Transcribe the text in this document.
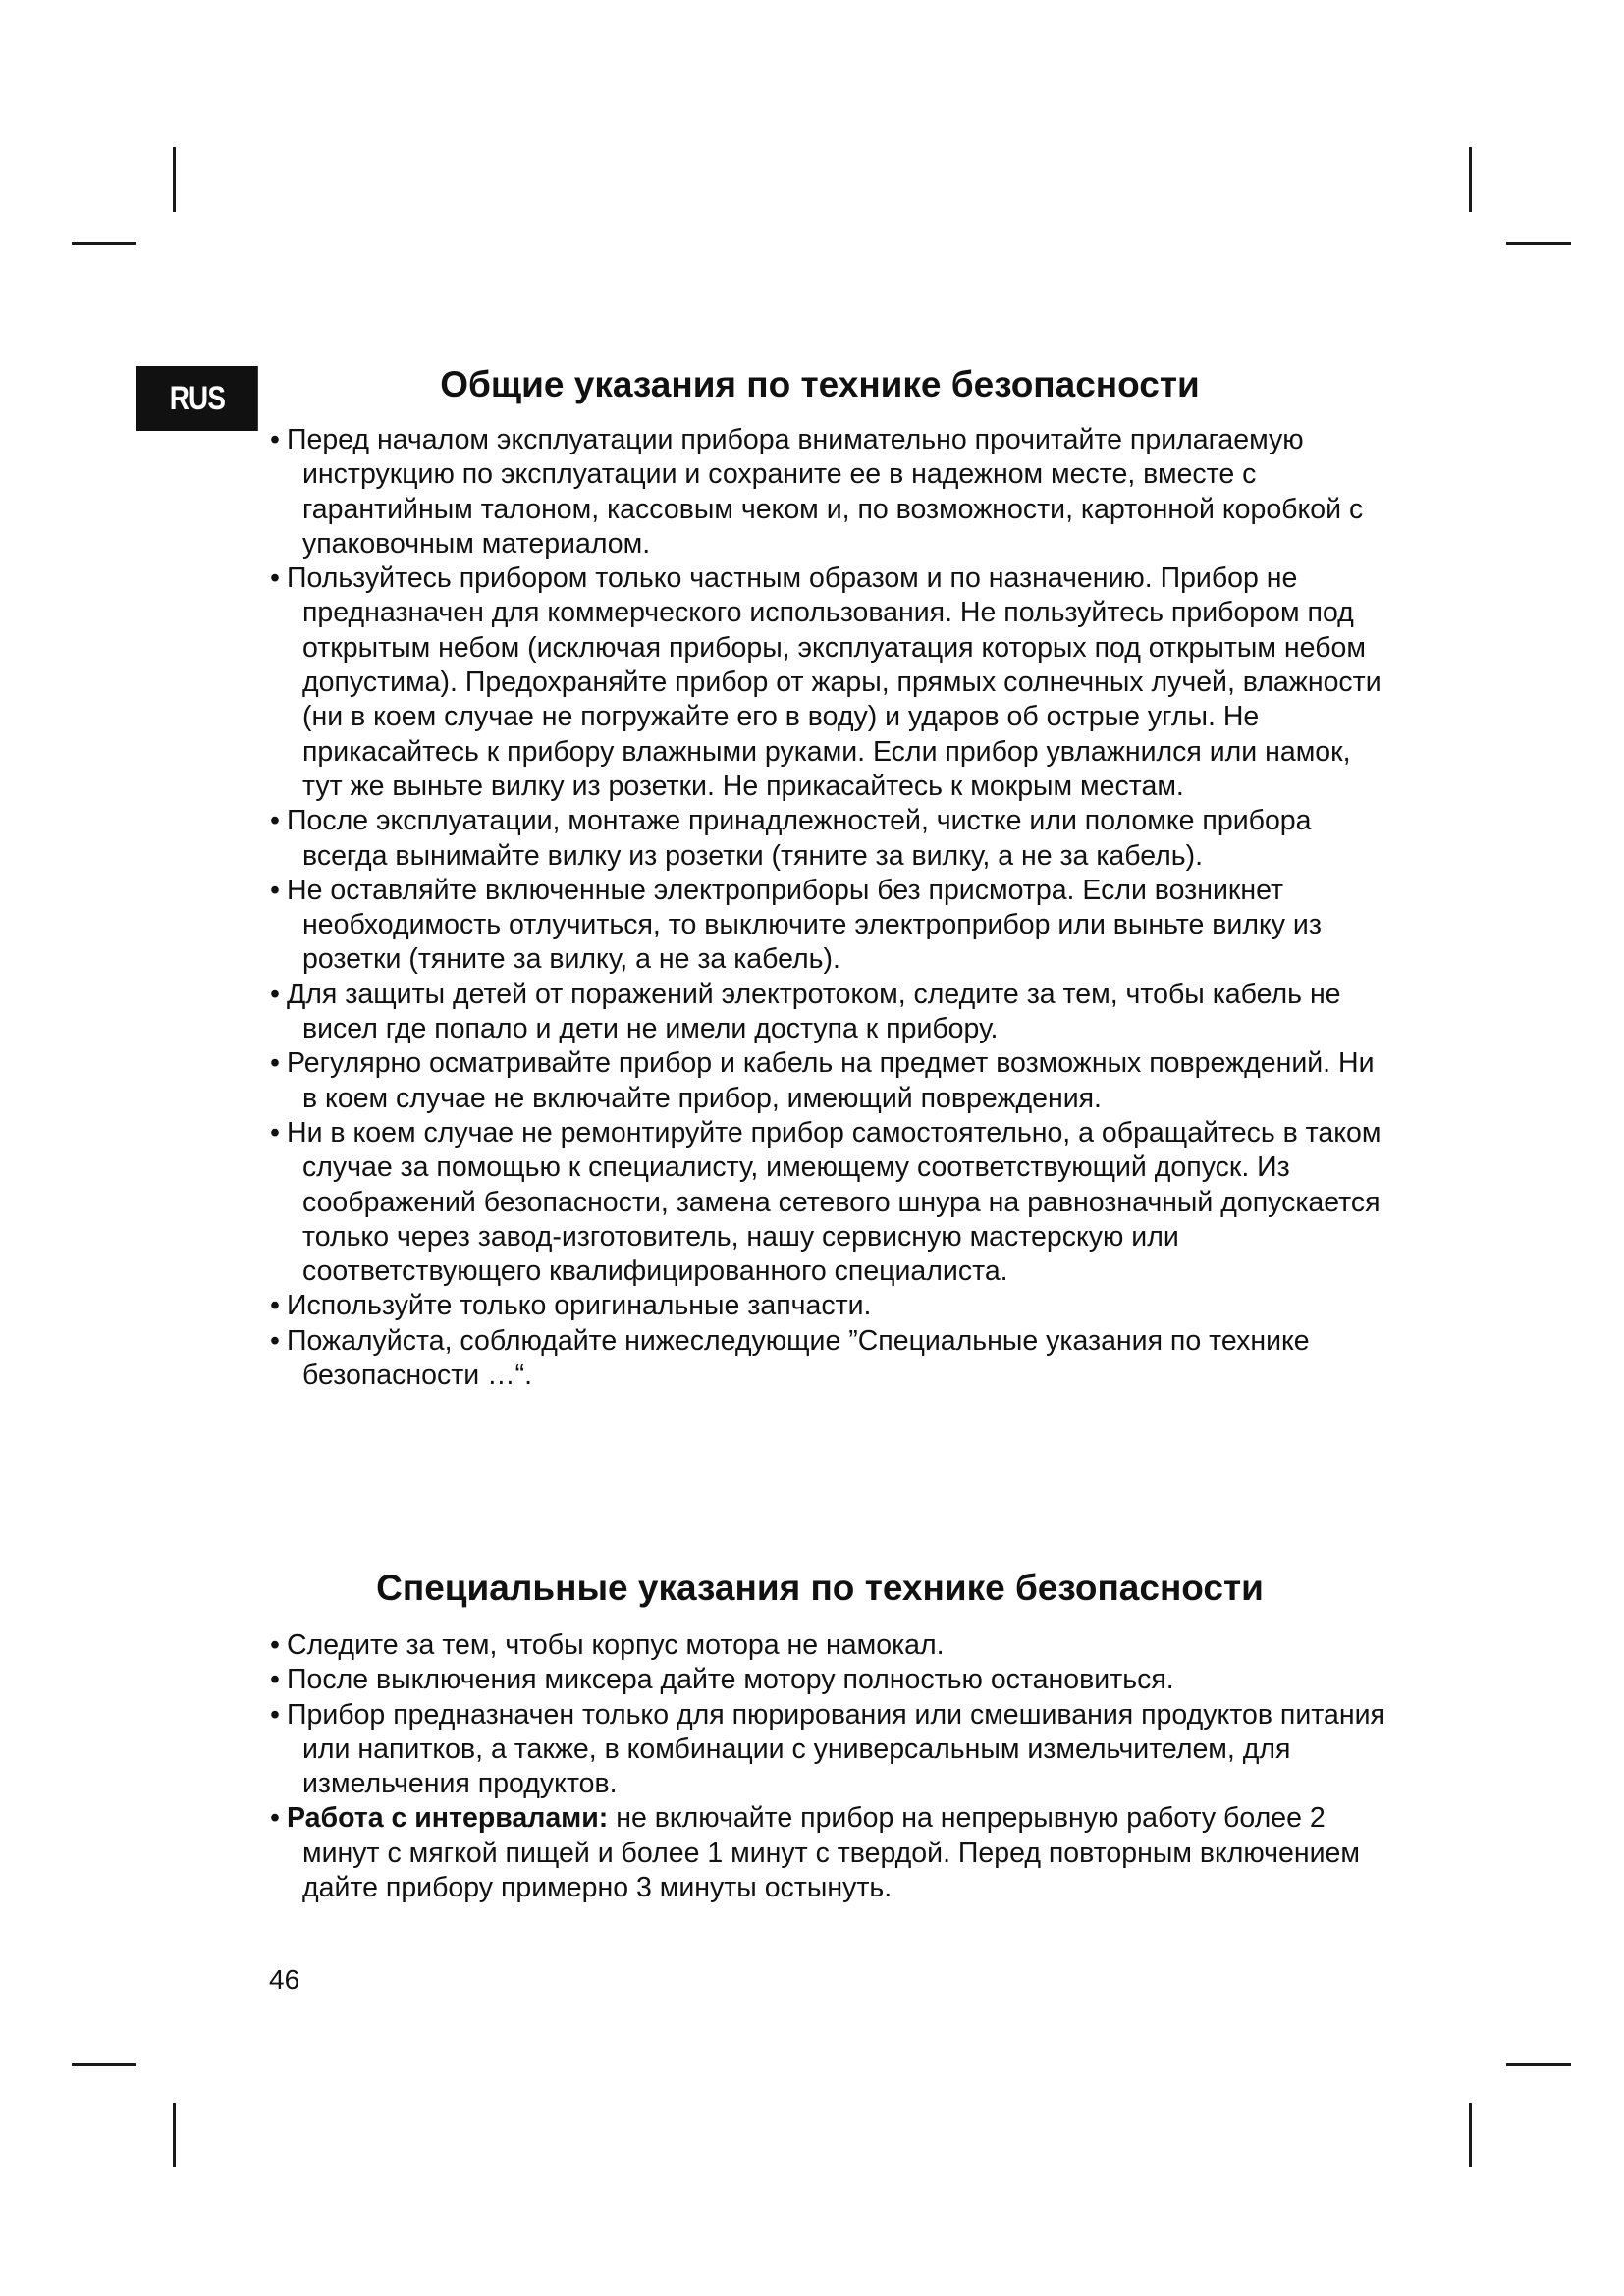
RUS	Общие указания по технике безопасности
• Перед началом эксплуатации прибора внимательно прочитайте прилагаемую инструкцию по эксплуатации и сохраните ее в надежном месте, вместе с гарантийным талоном, кассовым чеком и, по возможности, картонной коробкой с упаковочным материалом.
• Пользуйтесь прибором только частным образом и по назначению. Прибор не предназначен для коммерческого использования. Не пользуйтесь прибором под открытым небом (исключая приборы, эксплуатация которых под открытым небом допустима). Предохраняйте прибор от жары, прямых солнечных лучей, влажности (ни в коем случае не погружайте его в воду) и ударов об острые углы. Не прикасайтесь к прибору влажными руками. Если прибор увлажнился или намок, тут же выньте вилку из розетки. Не прикасайтесь к мокрым местам.
• После эксплуатации, монтаже принадлежностей, чистке или поломке прибора всегда вынимайте вилку из розетки (тяните за вилку, а не за кабель).
• Не оставляйте включенные электроприборы без присмотра. Если возникнет необходимость отлучиться, то выключите электроприбор или выньте вилку из розетки (тяните за вилку, а не за кабель).
• Для защиты детей от поражений электротоком, следите за тем, чтобы кабель не висел где попало и дети не имели доступа к прибору.
• Регулярно осматривайте прибор и кабель на предмет возможных повреждений. Ни в коем случае не включайте прибор, имеющий повреждения.
• Ни в коем случае не ремонтируйте прибор самостоятельно, а обращайтесь в таком случае за помощью к специалисту, имеющему соответствующий допуск. Из соображений безопасности, замена сетевого шнура на равнозначный допускается только через завод-изготовитель, нашу сервисную мастерскую или соответствующего квалифицированного специалиста.
• Используйте только оригинальные запчасти.
• Пожалуйста, соблюдайте нижеследующие ”Специальные указания по технике безопасности …“.
Специальные указания по технике безопасности
• Следите за тем, чтобы корпус мотора не намокал.
• После выключения миксера дайте мотору полностью остановиться.
• Прибор предназначен только для пюрирования или смешивания продуктов питания или напитков, а также, в комбинации с универсальным измельчителем, для измельчения продуктов.
• Работа с интервалами: не включайте прибор на непрерывную работу более 2 минут с мягкой пищей и более 1 минут с твердой. Перед повторным включением дайте прибору примерно 3 минуты остынуть.
46
